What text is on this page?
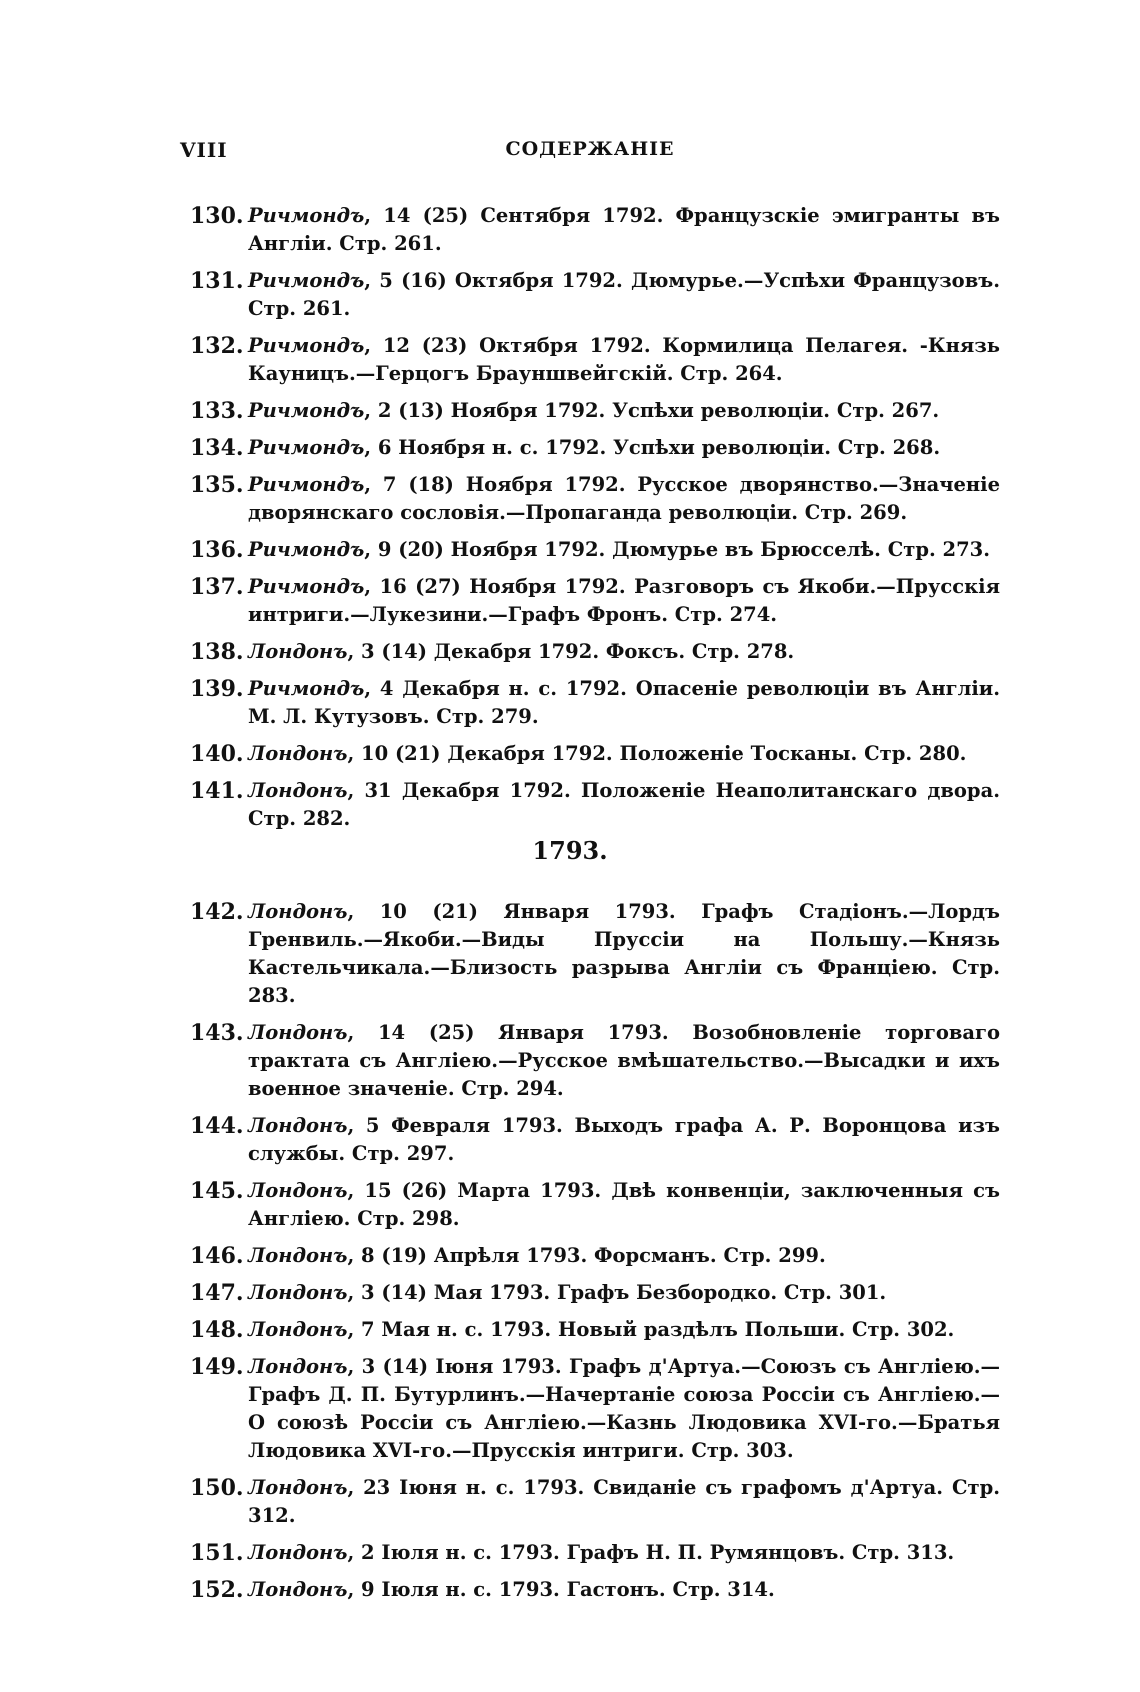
VIII	СОДЕРЖАНIЕ
130. Ричмондъ, 14 (25) Сентября 1792. Французскiе эмигранты въ Англiи. Стр. 261.
131. Ричмондъ, 5 (16) Октября 1792. Дюмурье.—Успѣхи Французовъ. Стр. 261.
132. Ричмондъ, 12 (23) Октября 1792. Кормилица Пелагея. -Князь Кауницъ.—Герцогъ Брауншвейгскiй. Стр. 264.
133. Ричмондъ, 2 (13) Ноября 1792. Успѣхи революцiи. Стр. 267.
134. Ричмондъ, 6 Ноября н. с. 1792. Успѣхи революцiи. Стр. 268.
135. Ричмондъ, 7 (18) Ноября 1792. Русское дворянство.—Значенiе дворянскаго сословiя.—Пропаганда революцiи. Стр. 269.
136. Ричмондъ, 9 (20) Ноября 1792. Дюмурье въ Брюсселѣ. Стр. 273.
137. Ричмондъ, 16 (27) Ноября 1792. Разговоръ съ Якоби.—Прусскiя интриги.—Лукезини.—Графъ Фронъ. Стр. 274.
138. Лондонъ, 3 (14) Декабря 1792. Фоксъ. Стр. 278.
139. Ричмондъ, 4 Декабря н. с. 1792. Опасенiе революцiи въ Англiи. М. Л. Кутузовъ. Стр. 279.
140. Лондонъ, 10 (21) Декабря 1792. Положенiе Тосканы. Стр. 280.
141. Лондонъ, 31 Декабря 1792. Положенiе Неаполитанскаго двора. Стр. 282.
1793.
142. Лондонъ, 10 (21) Января 1793. Графъ Стадiонъ.—Лордъ Гренвиль.—Якоби.—Виды Пруссiи на Польшу.—Князь Кастельчикала.—Близость разрыва Англiи съ Францiею. Стр. 283.
143. Лондонъ, 14 (25) Января 1793. Возобновленiе торговаго трактата съ Англiею.—Русское вмѣшательство.—Высадки и ихъ военное значенiе. Стр. 294.
144. Лондонъ, 5 Февраля 1793. Выходъ графа А. Р. Воронцова изъ службы. Стр. 297.
145. Лондонъ, 15 (26) Марта 1793. Двѣ конвенцiи, заключенныя съ Англiею. Стр. 298.
146. Лондонъ, 8 (19) Апрѣля 1793. Форсманъ. Стр. 299.
147. Лондонъ, 3 (14) Мая 1793. Графъ Безбородко. Стр. 301.
148. Лондонъ, 7 Мая н. с. 1793. Новый раздѣлъ Польши. Стр. 302.
149. Лондонъ, 3 (14) Iюня 1793. Графъ д'Артуа.—Союзъ съ Англiею.—Графъ Д. П. Бутурлинъ.—Начертанiе союза Россiи съ Англiею.—О союзѣ Россiи съ Англiею.—Казнь Людовика XVI-го.—Братья Людовика XVI-го.—Прусскiя интриги. Стр. 303.
150. Лондонъ, 23 Iюня н. с. 1793. Свиданiе съ графомъ д'Артуа. Стр. 312.
151. Лондонъ, 2 Iюля н. с. 1793. Графъ Н. П. Румянцовъ. Стр. 313.
152. Лондонъ, 9 Iюля н. с. 1793. Гастонъ. Стр. 314.
